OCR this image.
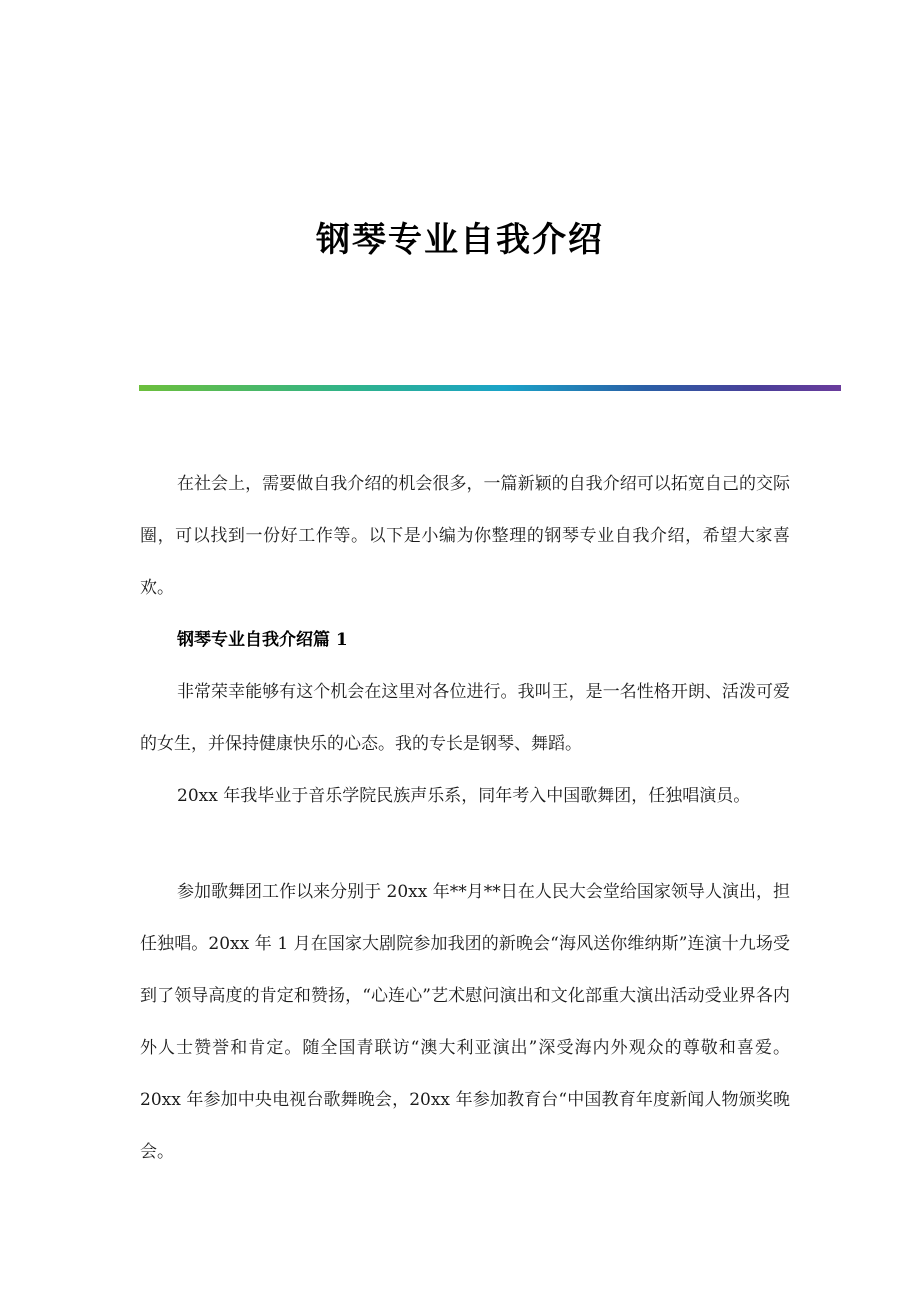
钢琴专业自我介绍

在社会上，需要做自我介绍的机会很多，一篇新颖的自我介绍可以拓宽自己的交际圈，可以找到一份好工作等。以下是小编为你整理的钢琴专业自我介绍，希望大家喜欢。

钢琴专业自我介绍篇 1

非常荣幸能够有这个机会在这里对各位进行。我叫王，是一名性格开朗、活泼可爱的女生，并保持健康快乐的心态。我的专长是钢琴、舞蹈。

20xx 年我毕业于音乐学院民族声乐系，同年考入中国歌舞团，任独唱演员。

参加歌舞团工作以来分别于 20xx 年**月**日在人民大会堂给国家领导人演出，担任独唱。20xx 年 1 月在国家大剧院参加我团的新晚会“海风送你维纳斯”连演十九场受到了领导高度的肯定和赞扬，“心连心”艺术慰问演出和文化部重大演出活动受业界各内外人士赞誉和肯定。随全国青联访“澳大利亚演出”深受海内外观众的尊敬和喜爱。20xx 年参加中央电视台歌舞晚会，20xx 年参加教育台“中国教育年度新闻人物颁奖晚会。
